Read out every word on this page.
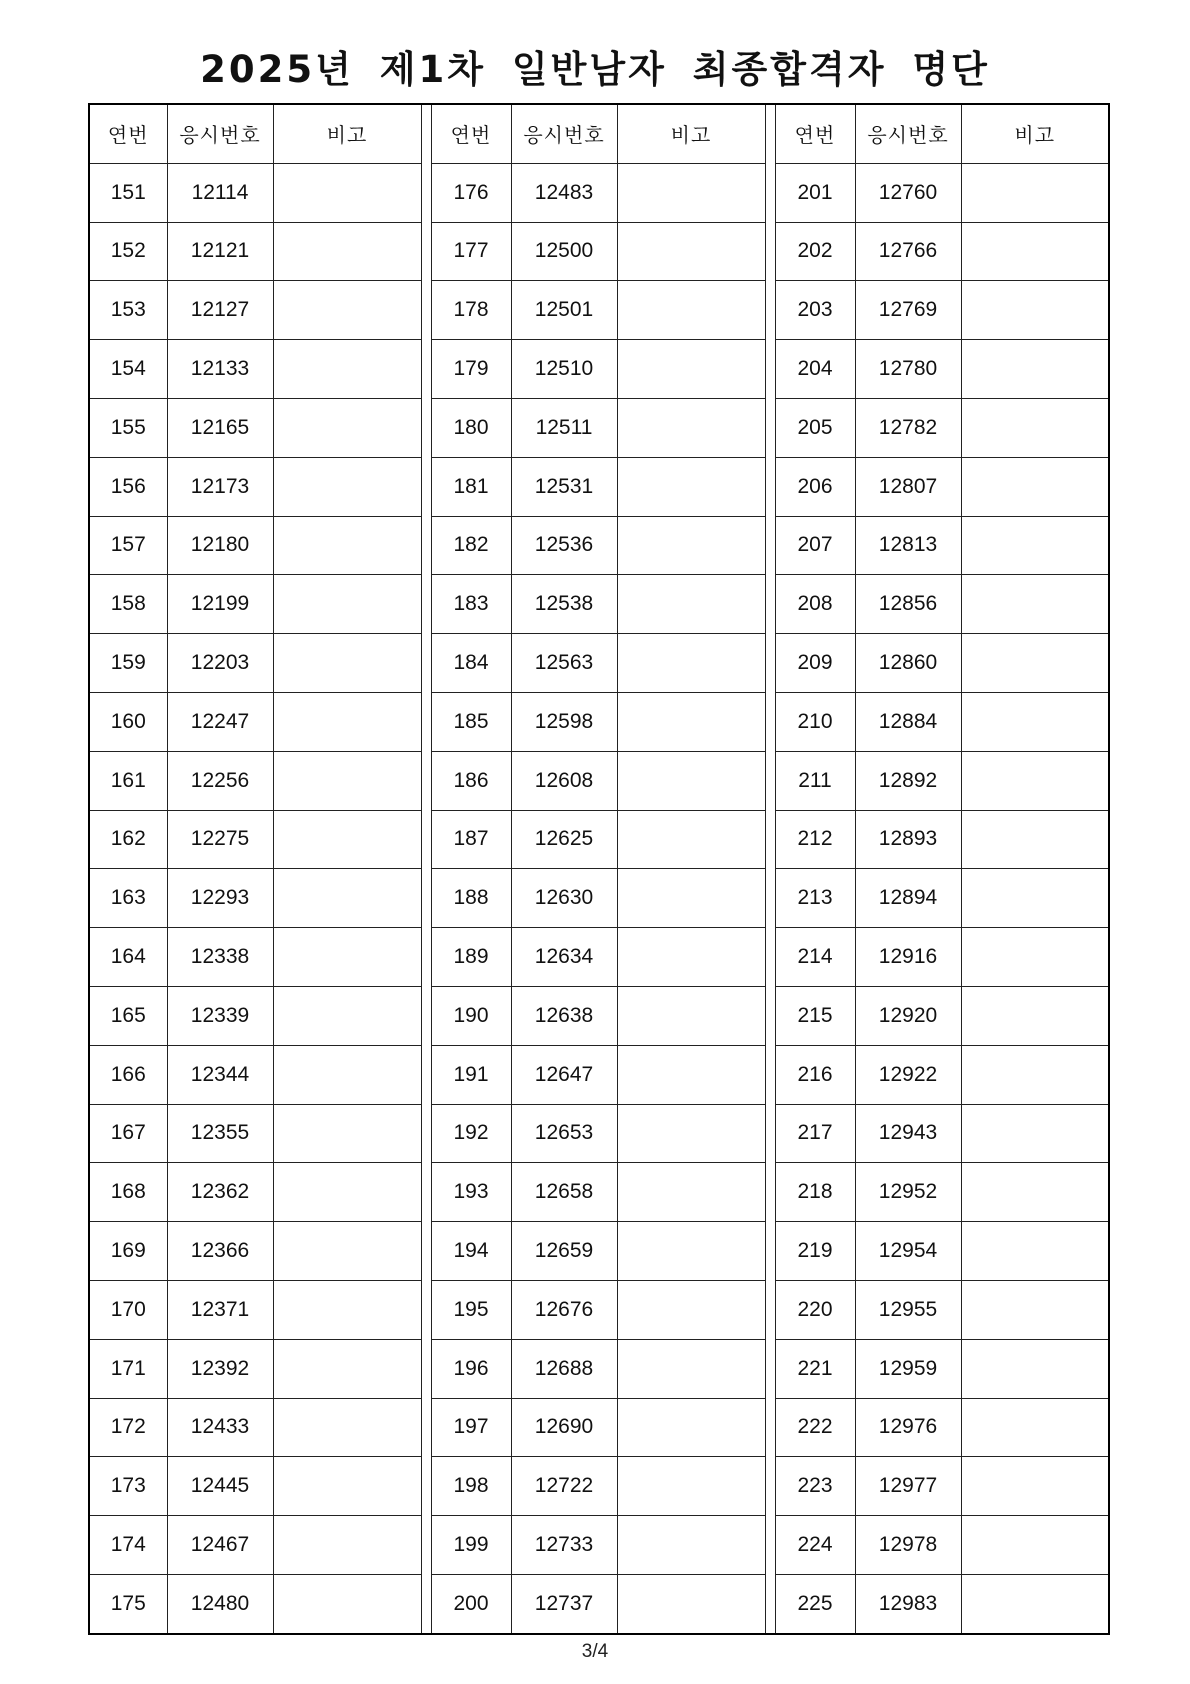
2025년 제1차 일반남자 최종합격자 명단
연번	응시번호	비고		연번	응시번호	비고		연번	응시번호	비고
151	12114			176	12483			201	12760	
152	12121			177	12500			202	12766	
153	12127			178	12501			203	12769	
154	12133			179	12510			204	12780	
155	12165			180	12511			205	12782	
156	12173			181	12531			206	12807	
157	12180			182	12536			207	12813	
158	12199			183	12538			208	12856	
159	12203			184	12563			209	12860	
160	12247			185	12598			210	12884	
161	12256			186	12608			211	12892	
162	12275			187	12625			212	12893	
163	12293			188	12630			213	12894	
164	12338			189	12634			214	12916	
165	12339			190	12638			215	12920	
166	12344			191	12647			216	12922	
167	12355			192	12653			217	12943	
168	12362			193	12658			218	12952	
169	12366			194	12659			219	12954	
170	12371			195	12676			220	12955	
171	12392			196	12688			221	12959	
172	12433			197	12690			222	12976	
173	12445			198	12722			223	12977	
174	12467			199	12733			224	12978	
175	12480			200	12737			225	12983	
3/4
